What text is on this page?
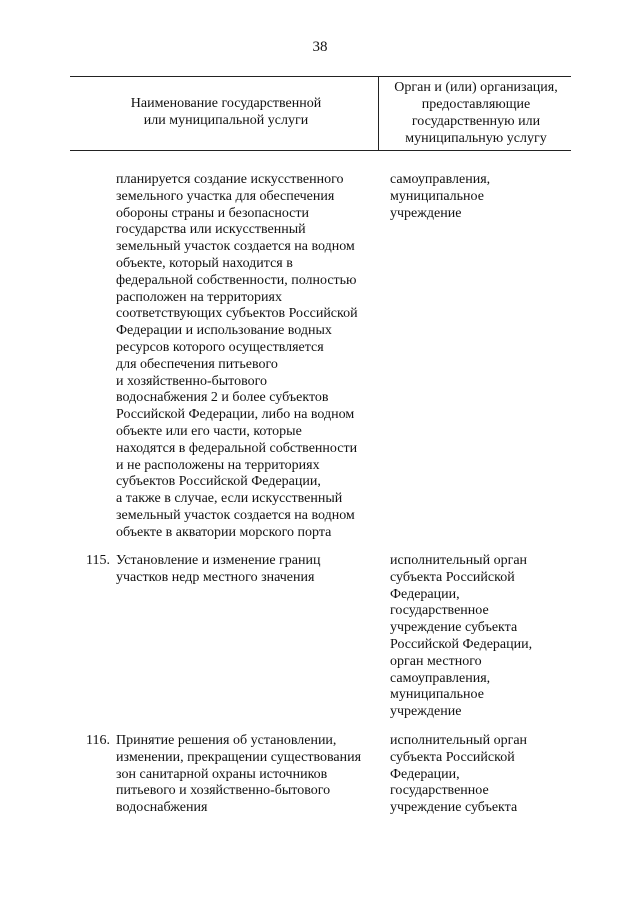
38
Наименование государственной
или муниципальной услуги
Орган и (или) организация,
предоставляющие
государственную или
муниципальную услугу
планируется создание искусственного
земельного участка для обеспечения
обороны страны и безопасности
государства или искусственный
земельный участок создается на водном
объекте, который находится в
федеральной собственности, полностью
расположен на территориях
соответствующих субъектов Российской
Федерации и использование водных
ресурсов которого осуществляется
для обеспечения питьевого
и хозяйственно-бытового
водоснабжения 2 и более субъектов
Российской Федерации, либо на водном
объекте или его части, которые
находятся в федеральной собственности
и не расположены на территориях
субъектов Российской Федерации,
а также в случае, если искусственный
земельный участок создается на водном
объекте в акватории морского порта
самоуправления,
муниципальное
учреждение
115. Установление и изменение границ
участков недр местного значения
исполнительный орган
субъекта Российской
Федерации,
государственное
учреждение субъекта
Российской Федерации,
орган местного
самоуправления,
муниципальное
учреждение
116. Принятие решения об установлении,
изменении, прекращении существования
зон санитарной охраны источников
питьевого и хозяйственно-бытового
водоснабжения
исполнительный орган
субъекта Российской
Федерации,
государственное
учреждение субъекта
